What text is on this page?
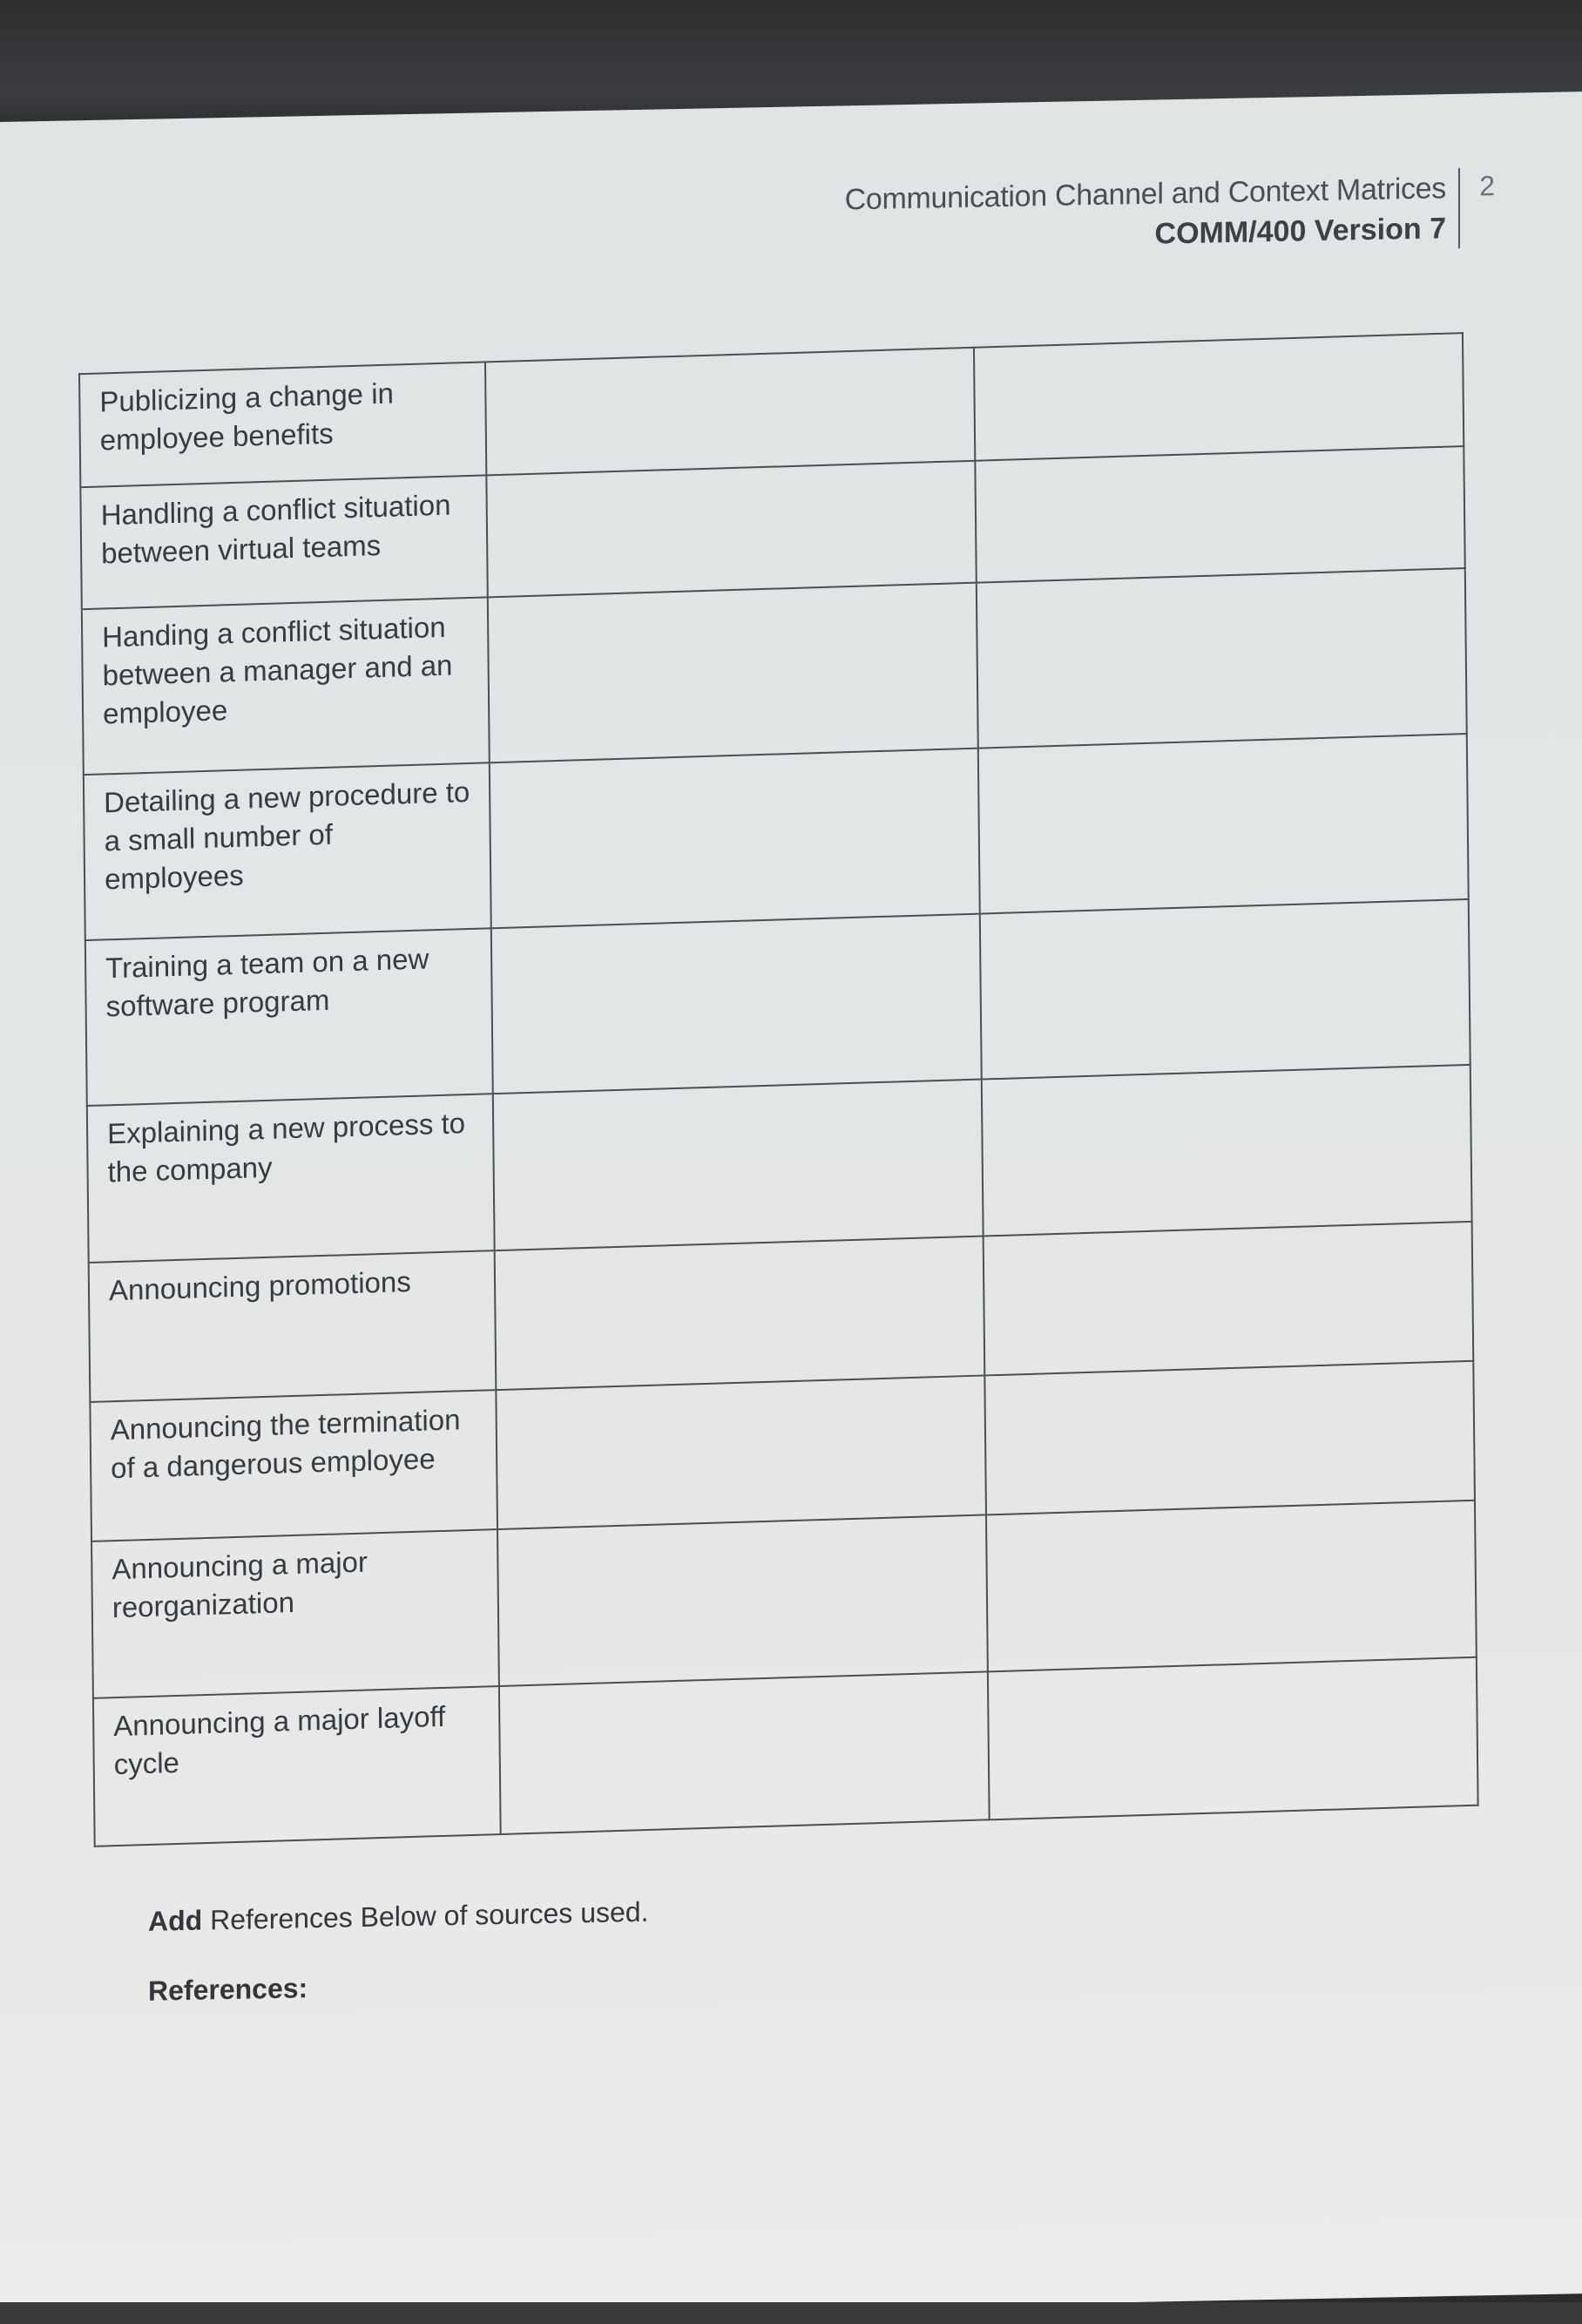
Communication Channel and Context Matrices
COMM/400 Version 7
2
Publicizing a change in employee benefits		
Handling a conflict situation between virtual teams		
Handing a conflict situation between a manager and an employee		
Detailing a new procedure to a small number of employees		
Training a team on a new software program		
Explaining a new process to the company		
Announcing promotions		
Announcing the termination of a dangerous employee		
Announcing a major reorganization		
Announcing a major layoff cycle		
Add References Below of sources used.
References:
